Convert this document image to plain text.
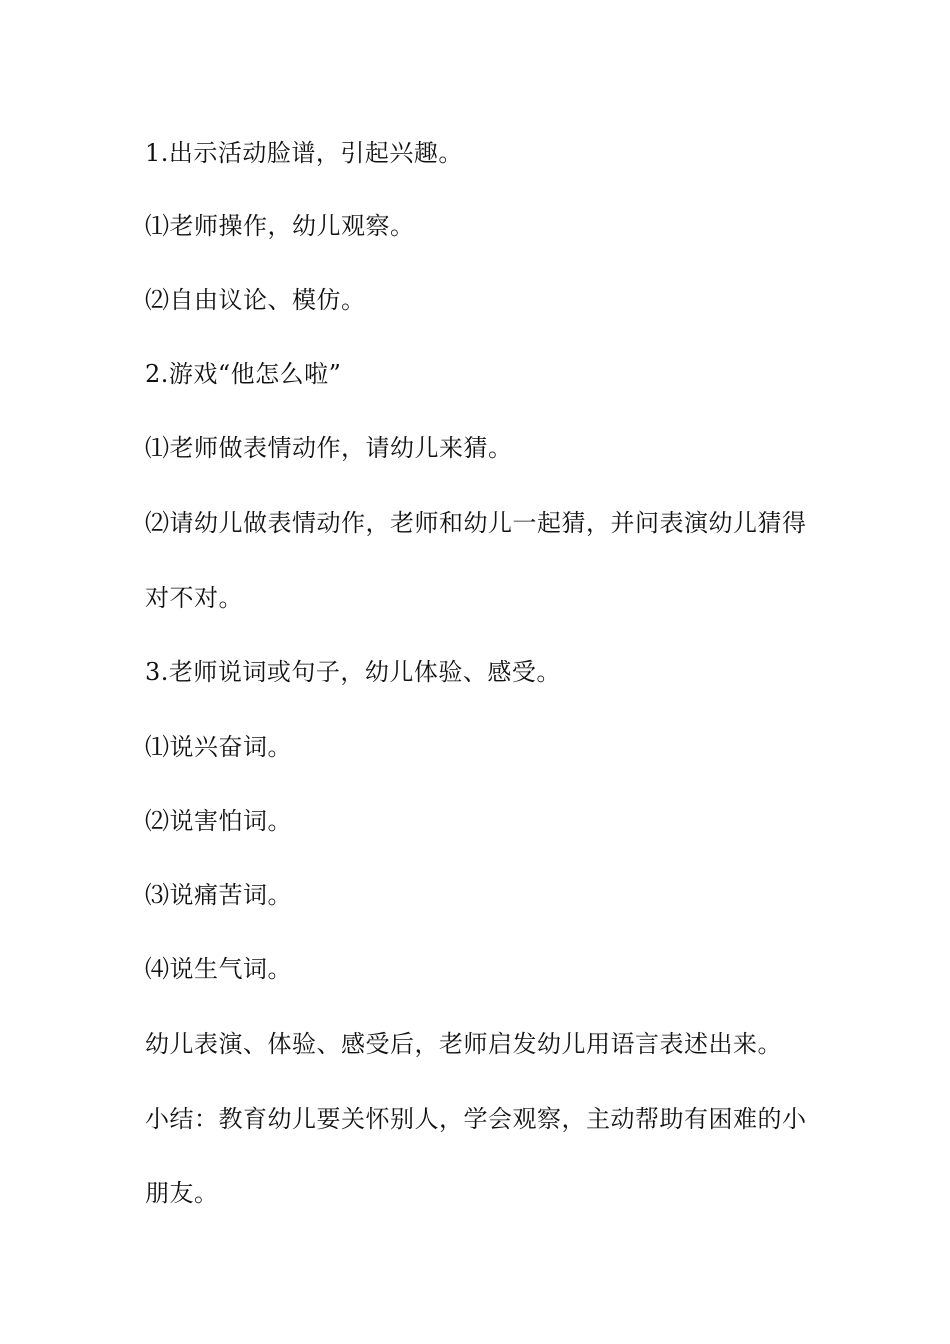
1.出示活动脸谱，引起兴趣。
⑴老师操作，幼儿观察。
⑵自由议论、模仿。
2.游戏“他怎么啦”
⑴老师做表情动作，请幼儿来猜。
⑵请幼儿做表情动作，老师和幼儿一起猜，并问表演幼儿猜得
对不对。
3.老师说词或句子，幼儿体验、感受。
⑴说兴奋词。
⑵说害怕词。
⑶说痛苦词。
⑷说生气词。
幼儿表演、体验、感受后，老师启发幼儿用语言表述出来。
小结：教育幼儿要关怀别人，学会观察，主动帮助有困难的小
朋友。
